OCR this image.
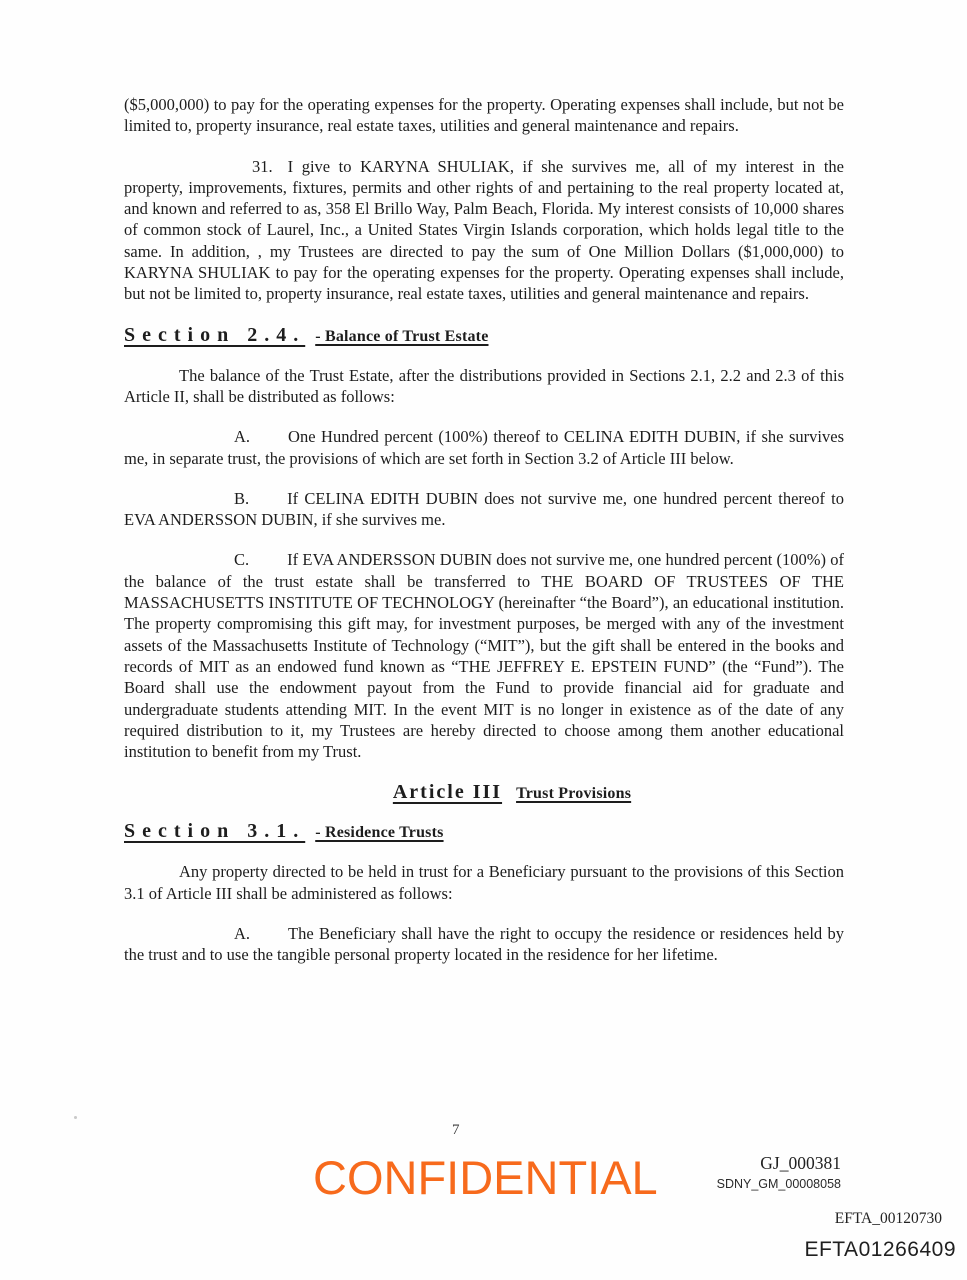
($5,000,000) to pay for the operating expenses for the property. Operating expenses shall include, but not be limited to, property insurance, real estate taxes, utilities and general maintenance and repairs.

31. I give to KARYNA SHULIAK, if she survives me, all of my interest in the property, improvements, fixtures, permits and other rights of and pertaining to the real property located at, and known and referred to as, 358 El Brillo Way, Palm Beach, Florida. My interest consists of 10,000 shares of common stock of Laurel, Inc., a United States Virgin Islands corporation, which holds legal title to the same. In addition, , my Trustees are directed to pay the sum of One Million Dollars ($1,000,000) to KARYNA SHULIAK to pay for the operating expenses for the property. Operating expenses shall include, but not be limited to, property insurance, real estate taxes, utilities and general maintenance and repairs.

Section 2.4. - Balance of Trust Estate

The balance of the Trust Estate, after the distributions provided in Sections 2.1, 2.2 and 2.3 of this Article II, shall be distributed as follows:

A. One Hundred percent (100%) thereof to CELINA EDITH DUBIN, if she survives me, in separate trust, the provisions of which are set forth in Section 3.2 of Article III below.

B. If CELINA EDITH DUBIN does not survive me, one hundred percent thereof to EVA ANDERSSON DUBIN, if she survives me.

C. If EVA ANDERSSON DUBIN does not survive me, one hundred percent (100%) of the balance of the trust estate shall be transferred to THE BOARD OF TRUSTEES OF THE MASSACHUSETTS INSTITUTE OF TECHNOLOGY (hereinafter “the Board”), an educational institution. The property compromising this gift may, for investment purposes, be merged with any of the investment assets of the Massachusetts Institute of Technology (“MIT”), but the gift shall be entered in the books and records of MIT as an endowed fund known as “THE JEFFREY E. EPSTEIN FUND” (the “Fund”). The Board shall use the endowment payout from the Fund to provide financial aid for graduate and undergraduate students attending MIT. In the event MIT is no longer in existence as of the date of any required distribution to it, my Trustees are hereby directed to choose among them another educational institution to benefit from my Trust.

Article III Trust Provisions
Section 3.1. - Residence Trusts

Any property directed to be held in trust for a Beneficiary pursuant to the provisions of this Section 3.1 of Article III shall be administered as follows:

A. The Beneficiary shall have the right to occupy the residence or residences held by the trust and to use the tangible personal property located in the residence for her lifetime.

7
CONFIDENTIAL	GJ_000381
SDNY_GM_00008058
EFTA_00120730
EFTA01266409
